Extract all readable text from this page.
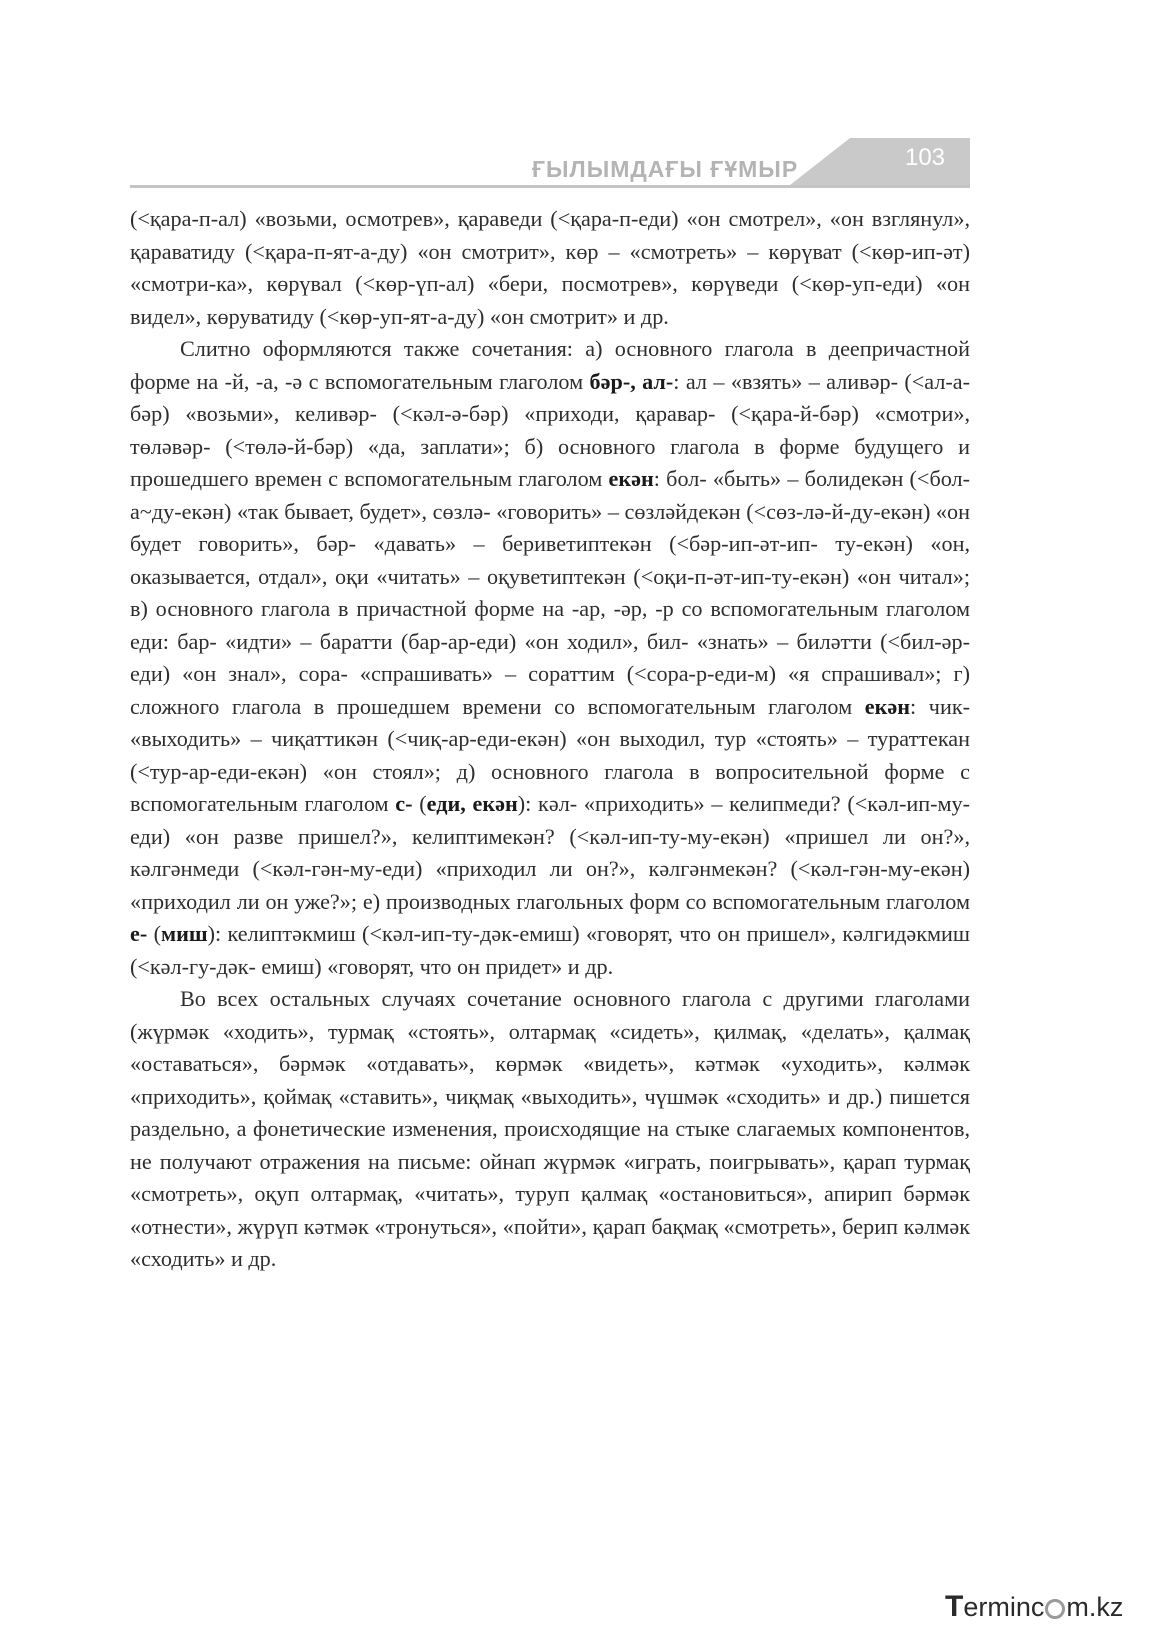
ҒЫЛЫМДАҒЫ ҒҰМЫР	103

(<қара-п-ал) «возьми, осмотрев», қараведи (<қара-п-еди) «он смотрел», «он взглянул», қараватиду (<қара-п-ят-а-ду) «он смотрит», көр – «смотреть» – көрүват (<көр-ип-әт) «смотри-ка», көрүвал (<көр-үп-ал) «бери, посмотрев», көрүведи (<көр-уп-еди) «он видел», көруватиду (<көр-уп-ят-а-ду) «он смотрит» и др.

Слитно оформляются также сочетания: а) основного глагола в деепричастной форме на -й, -а, -ә с вспомогательным глаголом бәр-, ал-: ал – «взять» – аливәр- (<ал-а-бәр) «возьми», келивәр- (<кәл-ә-бәр) «приходи, қаравар- (<қара-й-бәр) «смотри», төләвәр- (<төлә-й-бәр) «да, заплати»; б) основного глагола в форме будущего и прошедшего времен с вспомогательным глаголом екән: бол- «быть» – болидекән (<бол-а~ду-екән) «так бывает, будет», сөзлә- «говорить» – сөзләйдекән (<сөз-лә-й-ду-екән) «он будет говорить», бәр- «давать» – бериветиптекән (<бәр-ип-әт-ип- ту-екән) «он, оказывается, отдал», оқи «читать» – оқуветиптекән (<оқи-п-әт-ип-ту-екән) «он читал»; в) основного глагола в причастной форме на -ар, -әр, -р со вспомогательным глаголом еди: бар- «идти» – баратти (бар-ар-еди) «он ходил», бил- «знать» – биләтти (<бил-әр-еди) «он знал», сора- «спрашивать» – сораттим (<сора-р-еди-м) «я спрашивал»; г) сложного глагола в прошедшем времени со вспомогательным глаголом екән: чик- «выходить» – чиқаттикән (<чиқ-ар-еди-екән) «он выходил, тур «стоять» – тураттекан (<тур-ар-еди-екән) «он стоял»; д) основного глагола в вопросительной форме с вспомогательным глаголом с- (еди, екән): кәл- «приходить» – келипмеди? (<кәл-ип-му-еди) «он разве пришел?», келиптимекән? (<кәл-ип-ту-му-екән) «пришел ли он?», кәлгәнмеди (<кәл-гән-му-еди) «приходил ли он?», кәлгәнмекән? (<кәл-гән-му-екән) «приходил ли он уже?»; е) производных глагольных форм со вспомогательным глаголом е- (миш): келиптәкмиш (<кәл-ип-ту-дәк-емиш) «говорят, что он пришел», кәлгидәкмиш (<кәл-гу-дәк- емиш) «говорят, что он придет» и др.

Во всех остальных случаях сочетание основного глагола с другими глаголами (жүрмәк «ходить», турмақ «стоять», олтармақ «сидеть», қилмақ, «делать», қалмақ «оставаться», бәрмәк «отдавать», көрмәк «видеть», кәтмәк «уходить», кәлмәк «приходить», қоймақ «ставить», чиқмақ «выходить», чүшмәк «сходить» и др.) пишется раздельно, а фонетические изменения, происходящие на стыке слагаемых компонентов, не получают отражения на письме: ойнап жүрмәк «играть, поигрывать», қарап турмақ «смотреть», оқуп олтармақ, «читать», туруп қалмақ «остановиться», апирип бәрмәк «отнести», жүрүп кәтмәк «тронуться», «пойти», қарап бақмақ «смотреть», берип кәлмәк «сходить» и др.

Terminc m.kz
